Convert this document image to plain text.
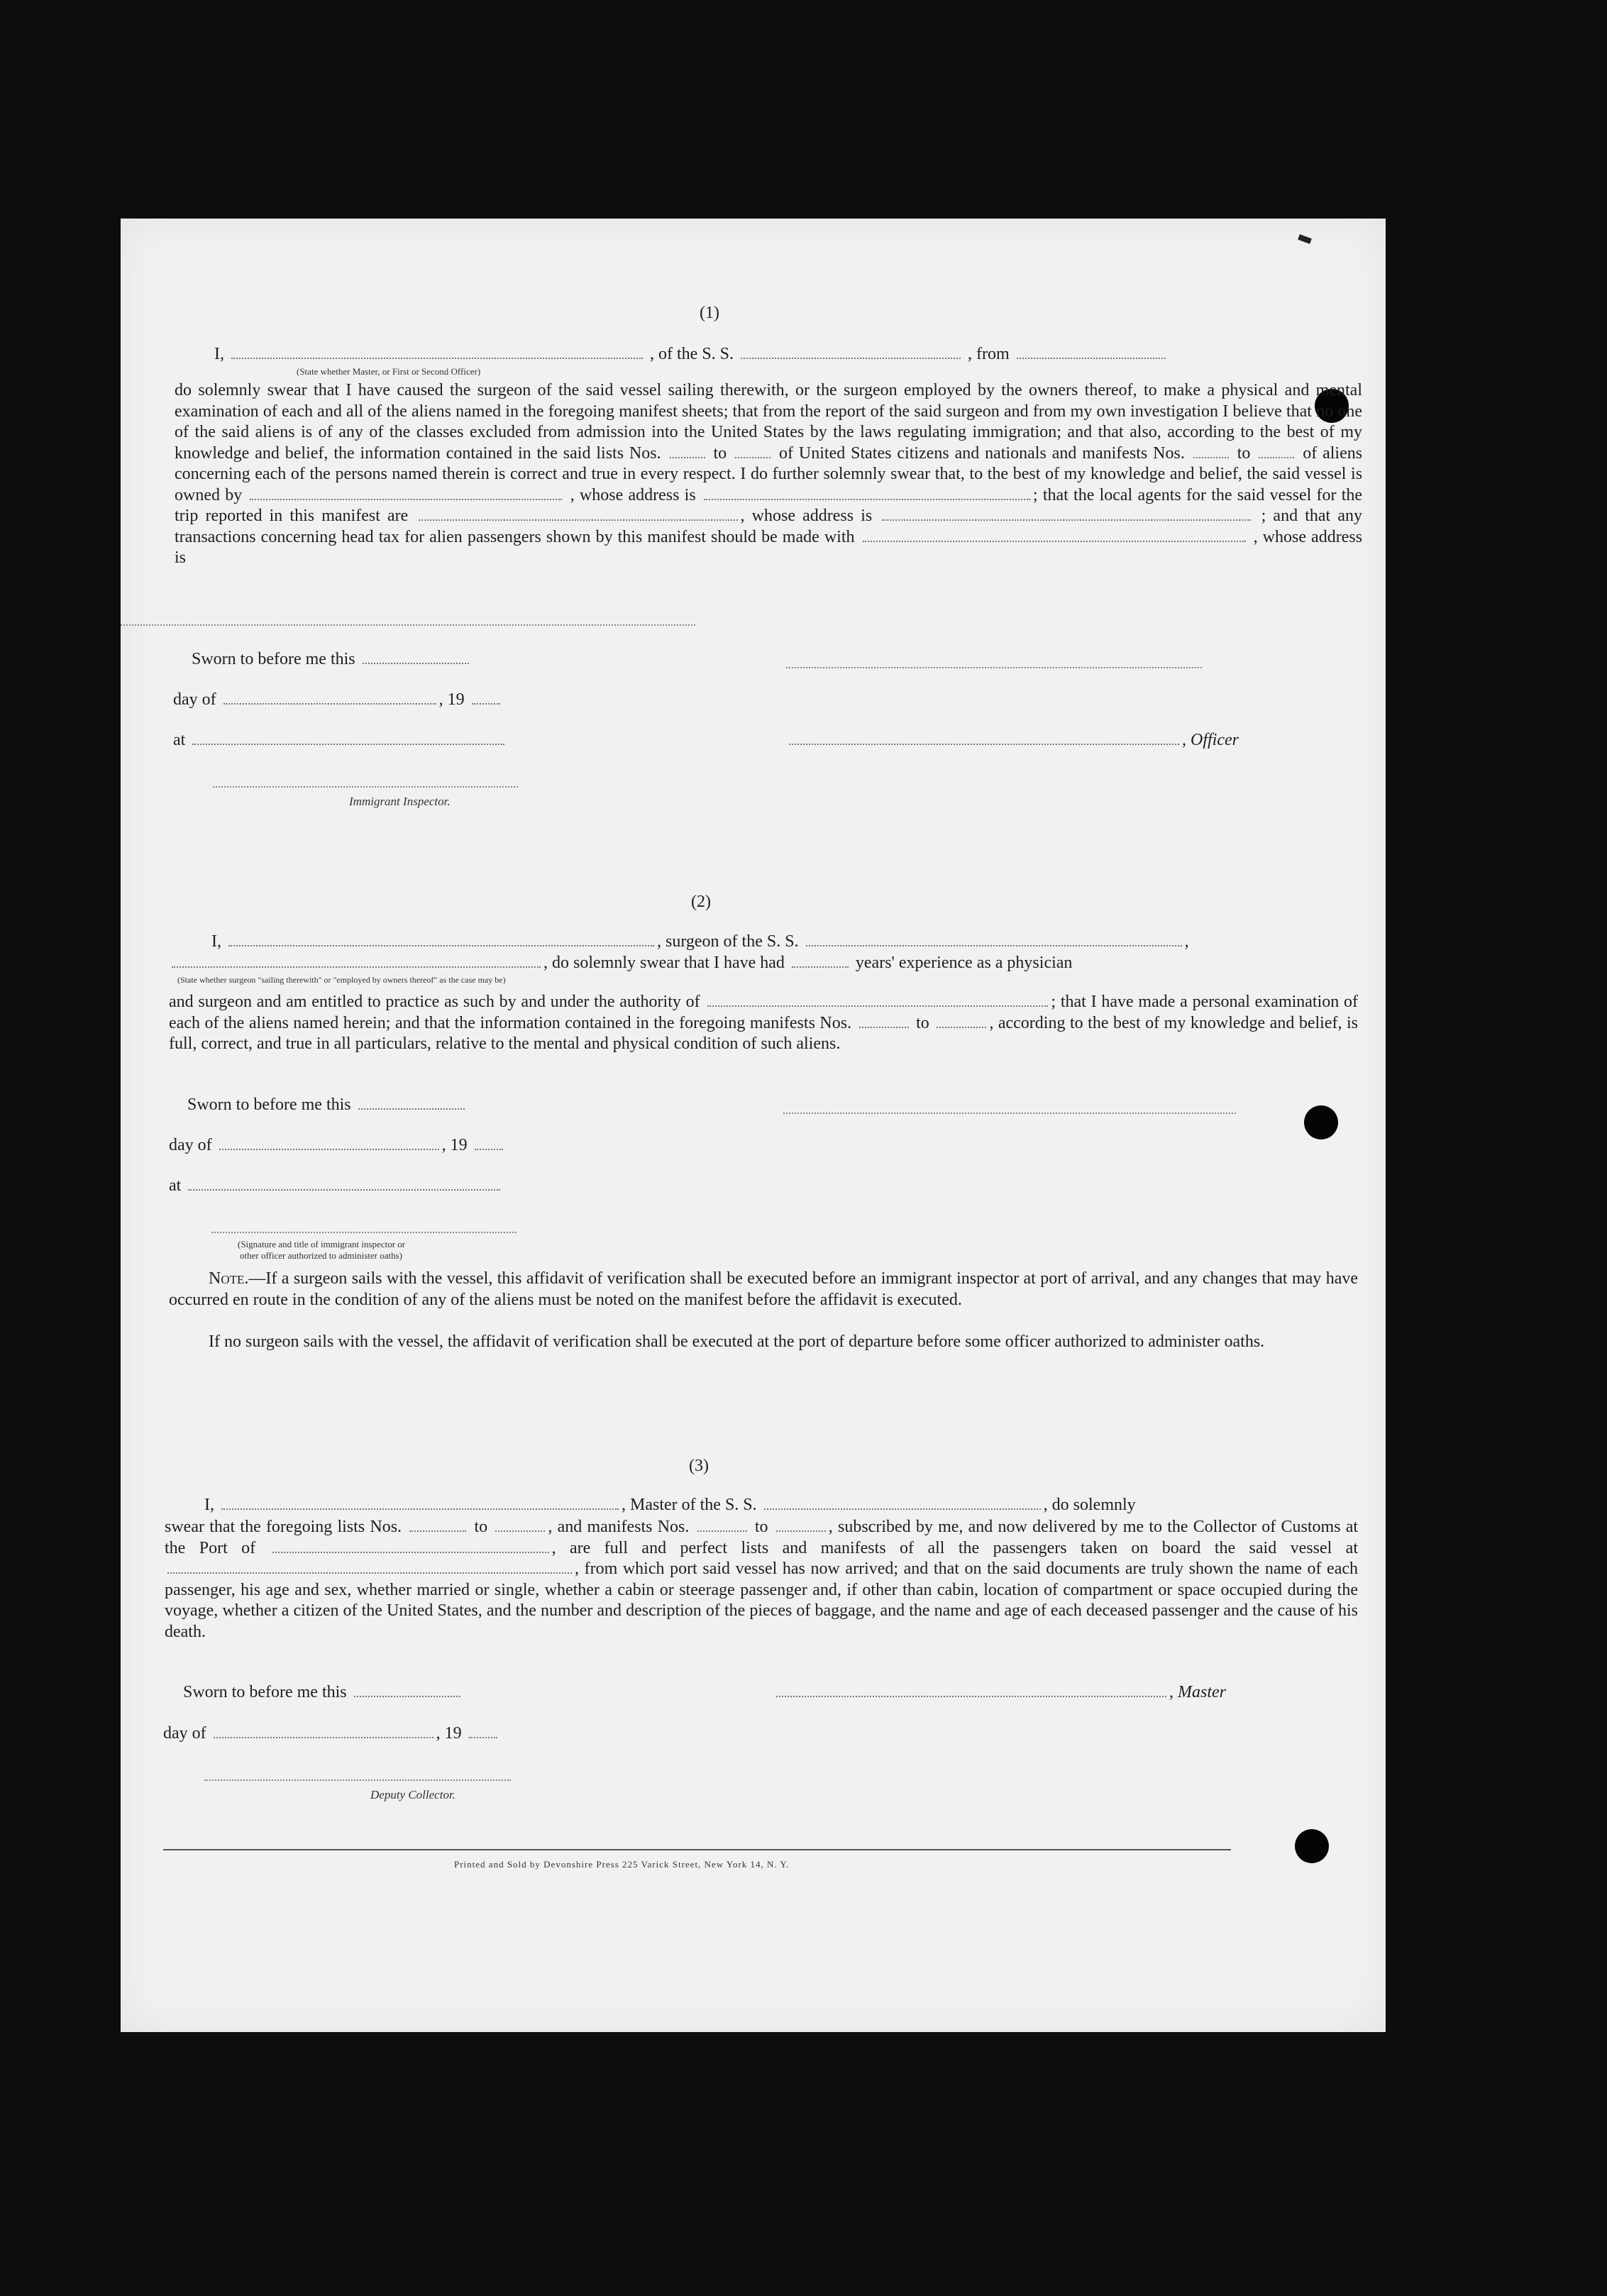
(1)
I,	, of the S. S.	, from
(State whether Master, or First or Second Officer)
do solemnly swear that I have caused the surgeon of the said vessel sailing therewith, or the surgeon employed by the owners thereof, to make a physical and mental examination of each and all of the aliens named in the foregoing manifest sheets; that from the report of the said surgeon and from my own investigation I believe that no one of the said aliens is of any of the classes excluded from admission into the United States by the laws regulating immigration; and that also, according to the best of my knowledge and belief, the information contained in the said lists Nos.	to	of United States citizens and nationals and manifests Nos.	to	of aliens concerning each of the persons named therein is correct and true in every respect. I do further solemnly swear that, to the best of my knowledge and belief, the said vessel is owned by	, whose address is	; that the local agents for the said vessel for the trip reported in this manifest are	, whose address is	; and that any transactions concerning head tax for alien passengers shown by this manifest should be made with	, whose address is
Sworn to before me this
day of	, 19
at	, Officer
Immigrant Inspector.
(2)
I,	, surgeon of the S. S.	,
, do solemnly swear that I have had	years' experience as a physician
(State whether surgeon "sailing therewith" or "employed by owners thereof" as the case may be)
and surgeon and am entitled to practice as such by and under the authority of	; that I have made a personal examination of each of the aliens named herein; and that the information contained in the foregoing manifests Nos.	to	, according to the best of my knowledge and belief, is full, correct, and true in all particulars, relative to the mental and physical condition of such aliens.
Sworn to before me this
day of	, 19
at
(Signature and title of immigrant inspector or
other officer authorized to administer oaths)
Note.—If a surgeon sails with the vessel, this affidavit of verification shall be executed before an immigrant inspector at port of arrival, and any changes that may have occurred en route in the condition of any of the aliens must be noted on the manifest before the affidavit is executed.
If no surgeon sails with the vessel, the affidavit of verification shall be executed at the port of departure before some officer authorized to administer oaths.
(3)
I,	, Master of the S. S.	, do solemnly
swear that the foregoing lists Nos.	to	, and manifests Nos.	to	, subscribed by me, and now delivered by me to the Collector of Customs at the Port of	, are full and perfect lists and manifests of all the passengers taken on board the said vessel at , from which port said vessel has now arrived; and that on the said documents are truly shown the name of each passenger, his age and sex, whether married or single, whether a cabin or steerage passenger and, if other than cabin, location of compartment or space occupied during the voyage, whether a citizen of the United States, and the number and description of the pieces of baggage, and the name and age of each deceased passenger and the cause of his death.
Sworn to before me this	, Master
day of	, 19
Deputy Collector.
Printed and Sold by Devonshire Press 225 Varick Street, New York 14, N. Y.
